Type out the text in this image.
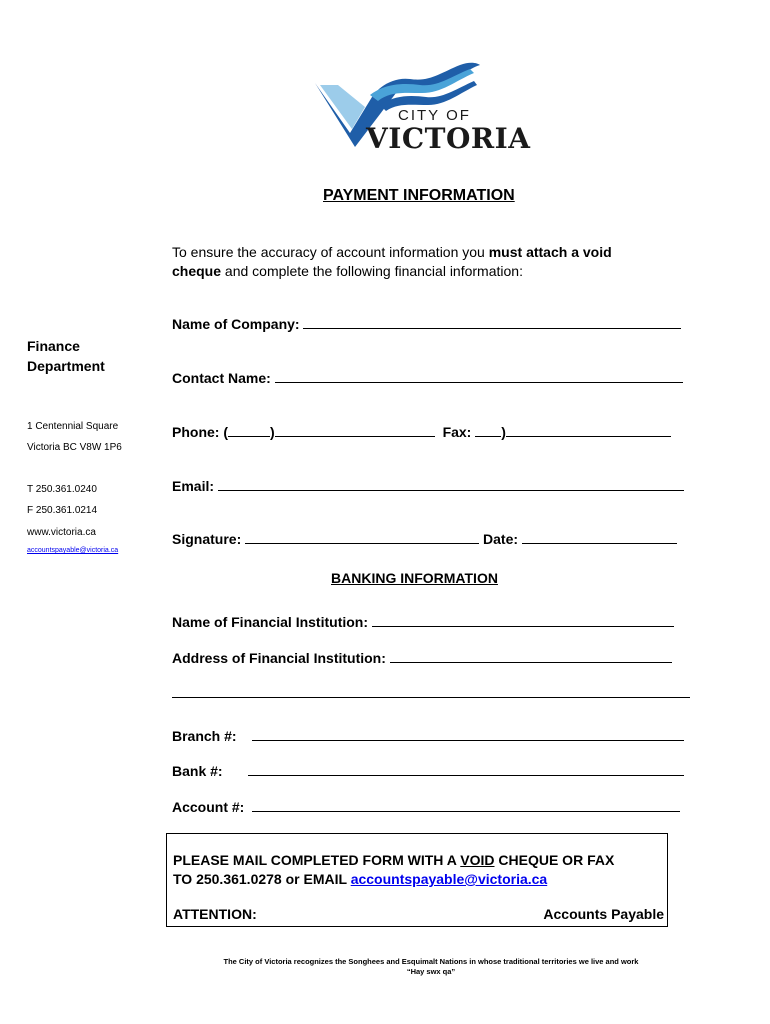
CITY OF
VICTORIA
PAYMENT INFORMATION
To ensure the accuracy of account information you must attach a void
cheque and complete the following financial information:
Finance
Department
1 Centennial Square
Victoria BC V8W 1P6
T 250.361.0240
F 250.361.0214
www.victoria.ca
accountspayable@victoria.ca
Name of Company:
Contact Name:
Phone: (	)	Fax: )
Email:
Signature:	Date:
BANKING INFORMATION
Name of Financial Institution:
Address of Financial Institution:
Branch #:
Bank #:
Account #:
PLEASE MAIL COMPLETED FORM WITH A VOID CHEQUE OR FAX
TO 250.361.0278 or EMAIL accountspayable@victoria.ca
ATTENTION:	Accounts Payable
The City of Victoria recognizes the Songhees and Esquimalt Nations in whose traditional territories we live and work
“Hay swx qa”
